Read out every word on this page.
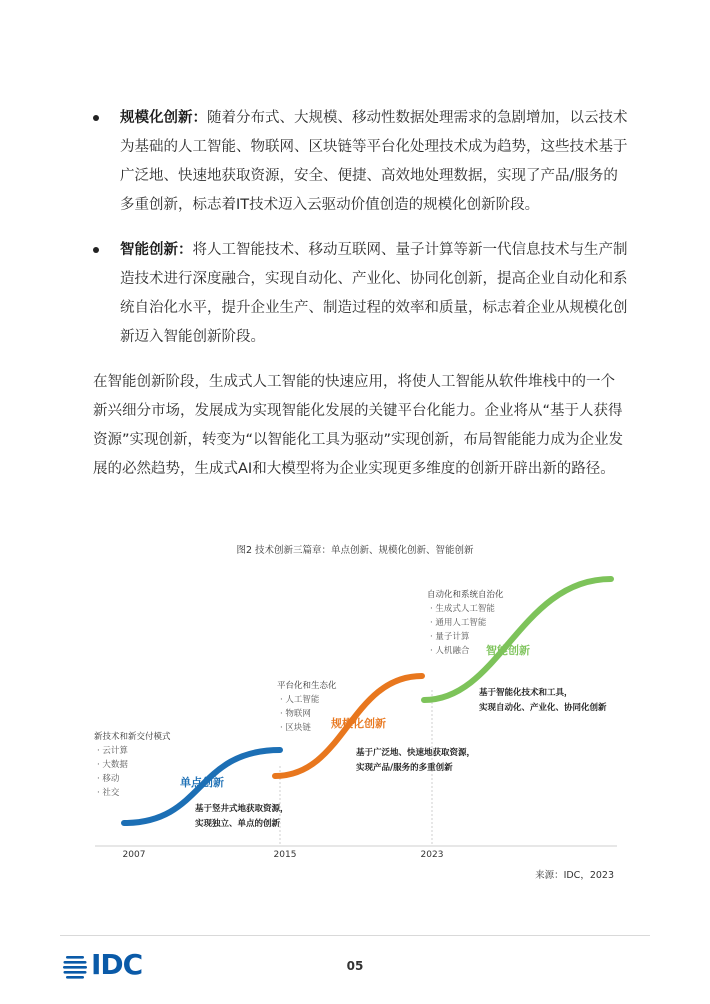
规模化创新：随着分布式、大规模、移动性数据处理需求的急剧增加，以云技术为基础的人工智能、物联网、区块链等平台化处理技术成为趋势，这些技术基于广泛地、快速地获取资源，安全、便捷、高效地处理数据，实现了产品/服务的多重创新，标志着IT技术迈入云驱动价值创造的规模化创新阶段。
智能创新：将人工智能技术、移动互联网、量子计算等新一代信息技术与生产制造技术进行深度融合，实现自动化、产业化、协同化创新，提高企业自动化和系统自治化水平，提升企业生产、制造过程的效率和质量，标志着企业从规模化创新迈入智能创新阶段。
在智能创新阶段，生成式人工智能的快速应用，将使人工智能从软件堆栈中的一个新兴细分市场，发展成为实现智能化发展的关键平台化能力。企业将从“基于人获得资源”实现创新，转变为“以智能化工具为驱动”实现创新，布局智能能力成为企业发展的必然趋势，生成式AI和大模型将为企业实现更多维度的创新开辟出新的路径。
图2 技术创新三篇章：单点创新、规模化创新、智能创新
2007	2015	2023
新技术和新交付模式
· 云计算
· 大数据
· 移动
· 社交
单点创新
基于竖井式地获取资源，
实现独立、单点的创新
平台化和生态化
· 人工智能
· 物联网
· 区块链 规模化创新
基于广泛地、快速地获取资源，
实现产品/服务的多重创新
自动化和系统自治化
· 生成式人工智能
· 通用人工智能
· 量子计算
· 人机融合 智能创新
基于智能化技术和工具，
实现自动化、产业化、协同化创新
来源：IDC，2023
IDC	05
